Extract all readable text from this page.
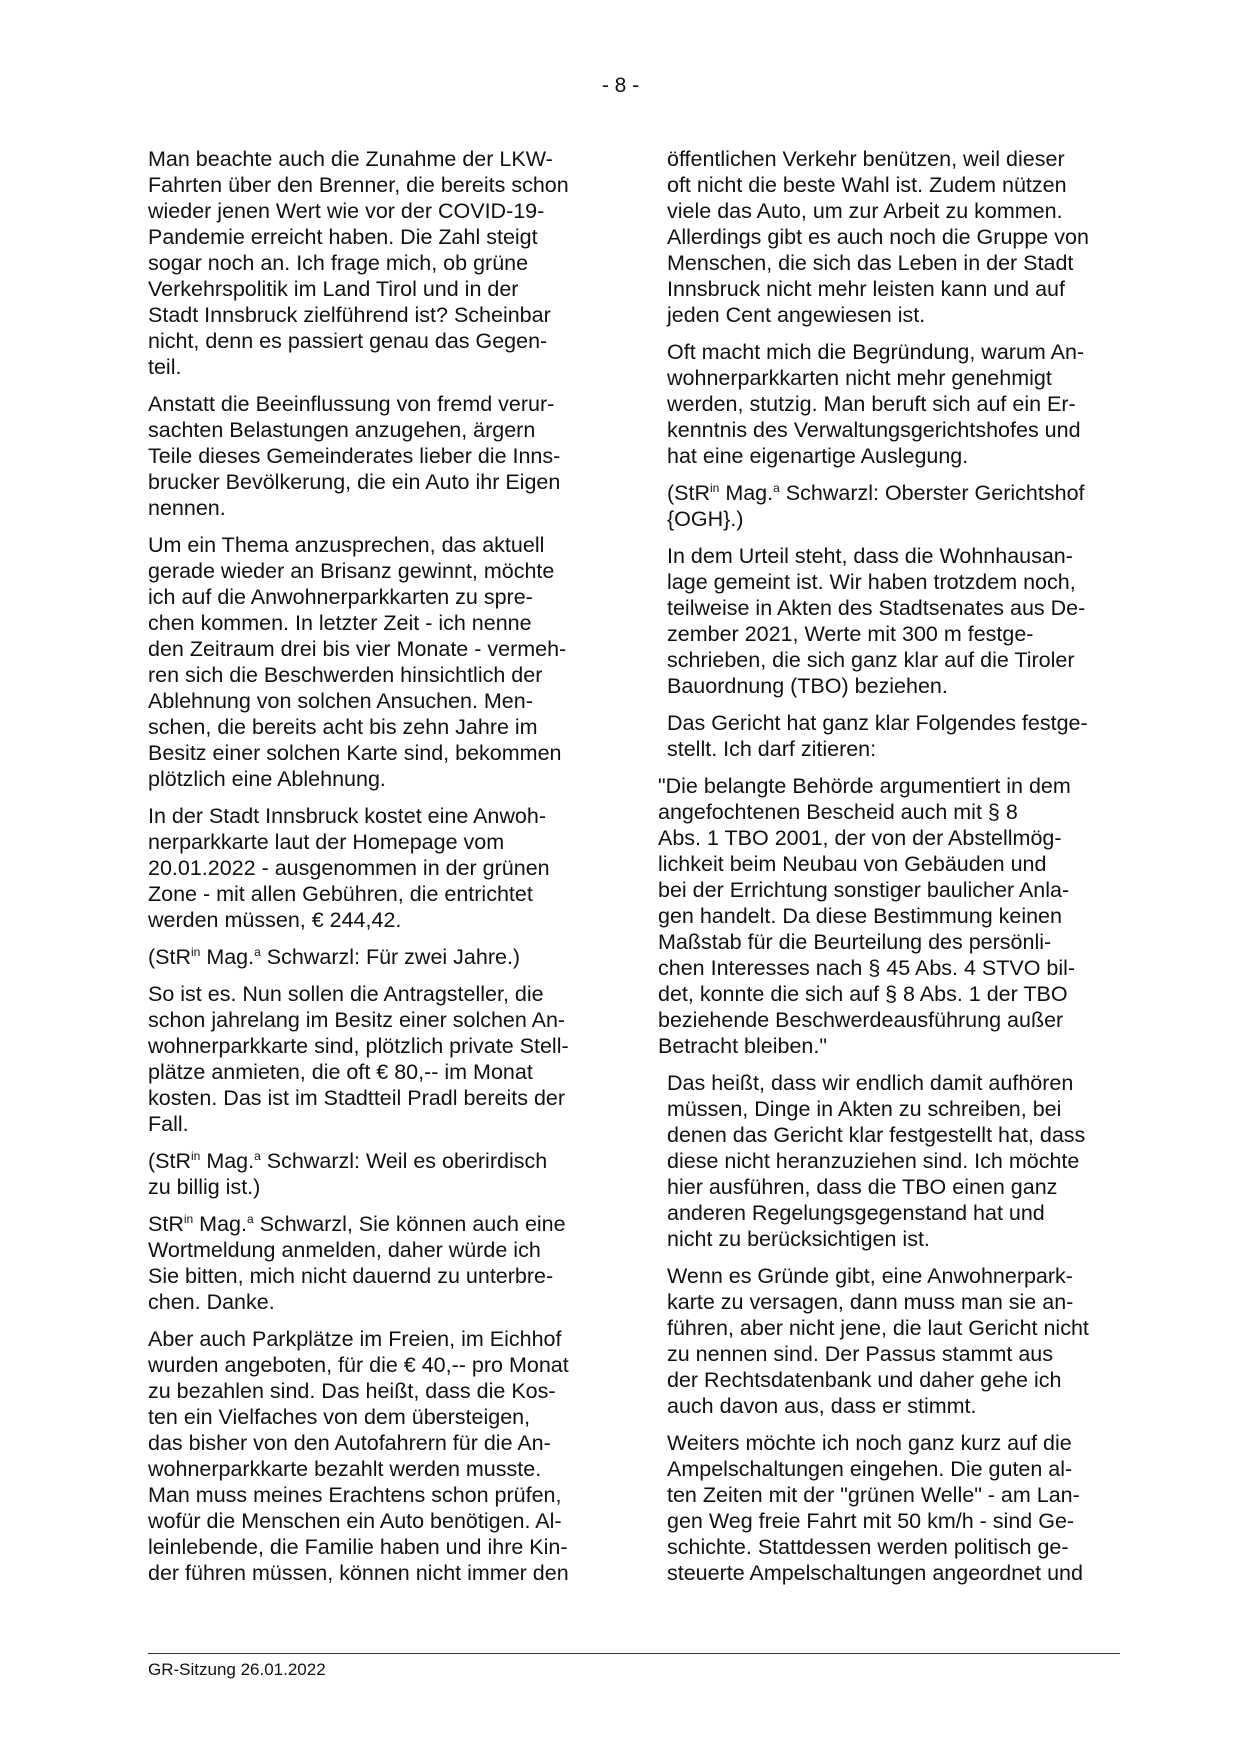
- 8 -

Man beachte auch die Zunahme der LKW-
Fahrten über den Brenner, die bereits schon
wieder jenen Wert wie vor der COVID-19-
Pandemie erreicht haben. Die Zahl steigt
sogar noch an. Ich frage mich, ob grüne
Verkehrspolitik im Land Tirol und in der
Stadt Innsbruck zielführend ist? Scheinbar
nicht, denn es passiert genau das Gegen-
teil.

Anstatt die Beeinflussung von fremd verur-
sachten Belastungen anzugehen, ärgern
Teile dieses Gemeinderates lieber die Inns-
brucker Bevölkerung, die ein Auto ihr Eigen
nennen.

Um ein Thema anzusprechen, das aktuell
gerade wieder an Brisanz gewinnt, möchte
ich auf die Anwohnerparkkarten zu spre-
chen kommen. In letzter Zeit - ich nenne
den Zeitraum drei bis vier Monate - vermeh-
ren sich die Beschwerden hinsichtlich der
Ablehnung von solchen Ansuchen. Men-
schen, die bereits acht bis zehn Jahre im
Besitz einer solchen Karte sind, bekommen
plötzlich eine Ablehnung.

In der Stadt Innsbruck kostet eine Anwoh-
nerparkkarte laut der Homepage vom
20.01.2022 - ausgenommen in der grünen
Zone - mit allen Gebühren, die entrichtet
werden müssen, € 244,42.

(StR$^{in}$ Mag.$^a$ Schwarzl: Für zwei Jahre.)

So ist es. Nun sollen die Antragsteller, die
schon jahrelang im Besitz einer solchen An-
wohnerparkkarte sind, plötzlich private Stell-
plätze anmieten, die oft € 80,-- im Monat
kosten. Das ist im Stadtteil Pradl bereits der
Fall.

(StR$^{in}$ Mag.$^a$ Schwarzl: Weil es oberirdisch
zu billig ist.)

StR$^{in}$ Mag.$^a$ Schwarzl, Sie können auch eine
Wortmeldung anmelden, daher würde ich
Sie bitten, mich nicht dauernd zu unterbre-
chen. Danke.

Aber auch Parkplätze im Freien, im Eichhof
wurden angeboten, für die € 40,-- pro Monat
zu bezahlen sind. Das heißt, dass die Kos-
ten ein Vielfaches von dem übersteigen,
das bisher von den Autofahrern für die An-
wohnerparkkarte bezahlt werden musste.
Man muss meines Erachtens schon prüfen,
wofür die Menschen ein Auto benötigen. Al-
leinlebende, die Familie haben und ihre Kin-
der führen müssen, können nicht immer den

öffentlichen Verkehr benützen, weil dieser
oft nicht die beste Wahl ist. Zudem nützen
viele das Auto, um zur Arbeit zu kommen.
Allerdings gibt es auch noch die Gruppe von
Menschen, die sich das Leben in der Stadt
Innsbruck nicht mehr leisten kann und auf
jeden Cent angewiesen ist.

Oft macht mich die Begründung, warum An-
wohnerparkkarten nicht mehr genehmigt
werden, stutzig. Man beruft sich auf ein Er-
kenntnis des Verwaltungsgerichtshofes und
hat eine eigenartige Auslegung.

(StR$^{in}$ Mag.$^a$ Schwarzl: Oberster Gerichtshof
{OGH}.)

In dem Urteil steht, dass die Wohnhausan-
lage gemeint ist. Wir haben trotzdem noch,
teilweise in Akten des Stadtsenates aus De-
zember 2021, Werte mit 300 m festge-
schrieben, die sich ganz klar auf die Tiroler
Bauordnung (TBO) beziehen.

Das Gericht hat ganz klar Folgendes festge-
stellt. Ich darf zitieren:

"Die belangte Behörde argumentiert in dem
angefochtenen Bescheid auch mit § 8
Abs. 1 TBO 2001, der von der Abstellmög-
lichkeit beim Neubau von Gebäuden und
bei der Errichtung sonstiger baulicher Anla-
gen handelt. Da diese Bestimmung keinen
Maßstab für die Beurteilung des persönli-
chen Interesses nach § 45 Abs. 4 STVO bil-
det, konnte die sich auf § 8 Abs. 1 der TBO
beziehende Beschwerdeausführung außer
Betracht bleiben."

Das heißt, dass wir endlich damit aufhören
müssen, Dinge in Akten zu schreiben, bei
denen das Gericht klar festgestellt hat, dass
diese nicht heranzuziehen sind. Ich möchte
hier ausführen, dass die TBO einen ganz
anderen Regelungsgegenstand hat und
nicht zu berücksichtigen ist.

Wenn es Gründe gibt, eine Anwohnerpark-
karte zu versagen, dann muss man sie an-
führen, aber nicht jene, die laut Gericht nicht
zu nennen sind. Der Passus stammt aus
der Rechtsdatenbank und daher gehe ich
auch davon aus, dass er stimmt.

Weiters möchte ich noch ganz kurz auf die
Ampelschaltungen eingehen. Die guten al-
ten Zeiten mit der "grünen Welle" - am Lan-
gen Weg freie Fahrt mit 50 km/h - sind Ge-
schichte. Stattdessen werden politisch ge-
steuerte Ampelschaltungen angeordnet und

GR-Sitzung 26.01.2022
